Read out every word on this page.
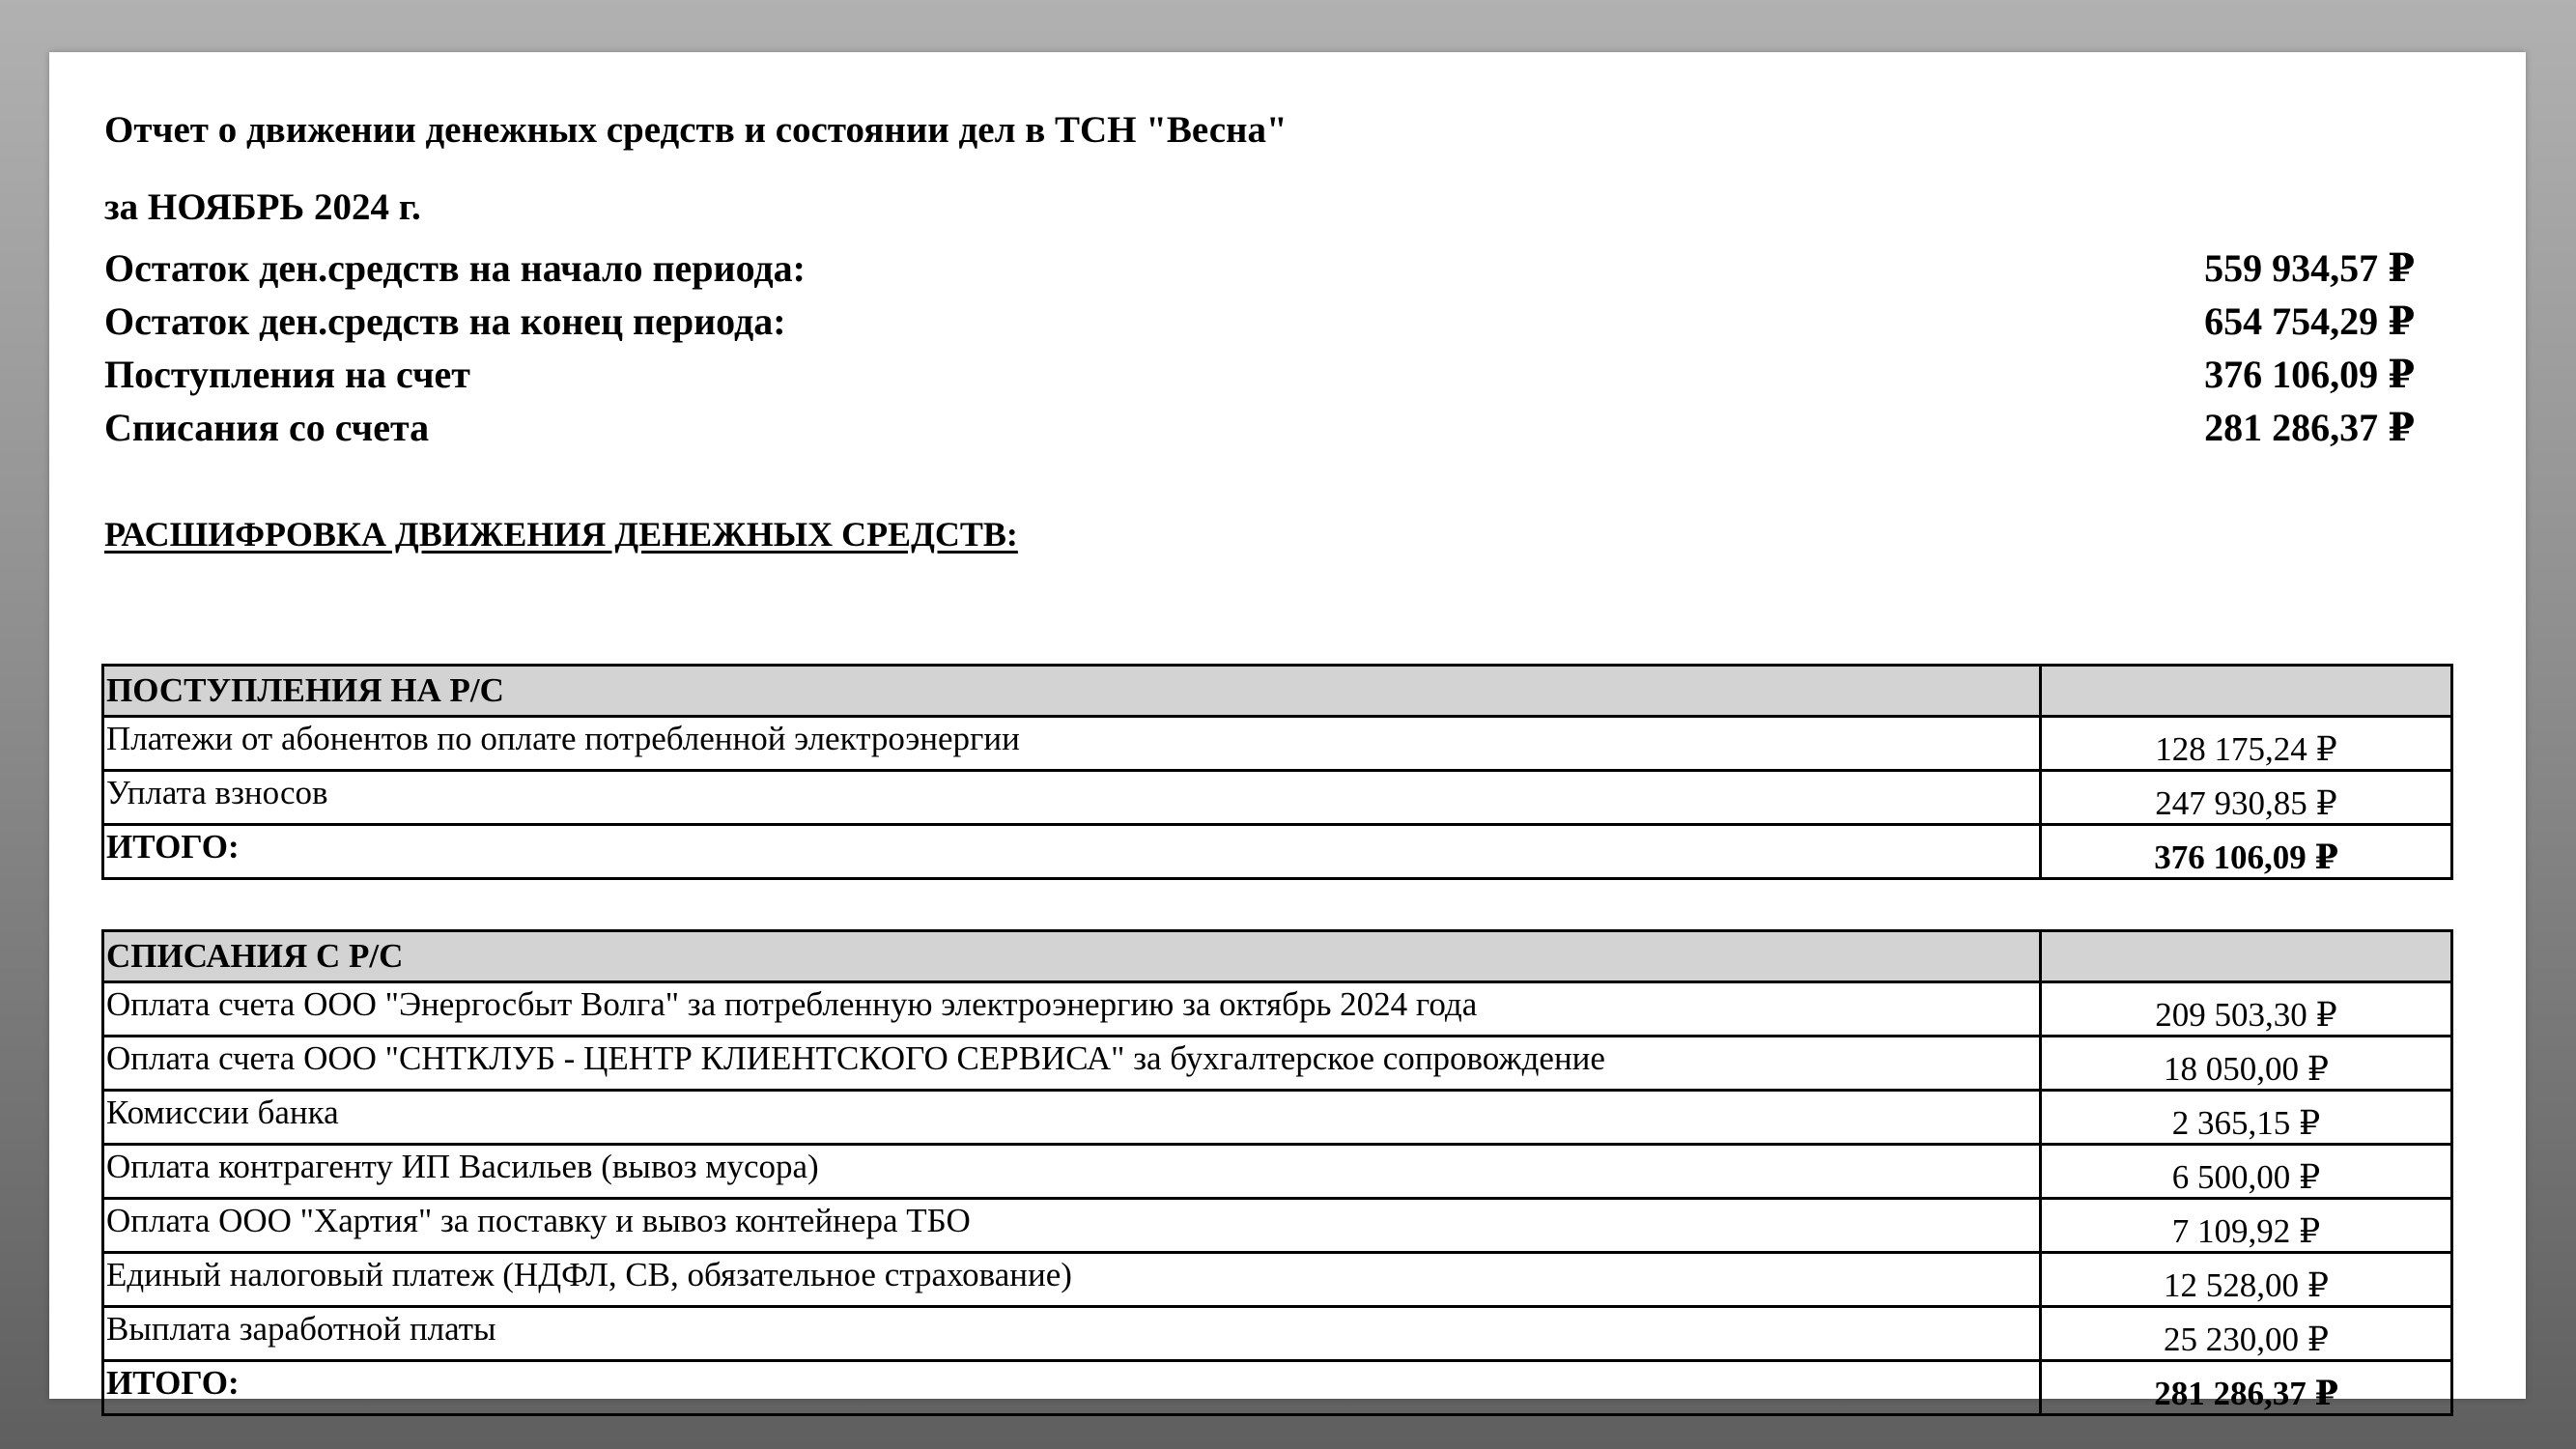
Отчет о движении денежных средств и состоянии дел в ТСН "Весна"
за НОЯБРЬ 2024 г.
Остаток ден.средств на начало периода:	559 934,57 ₽
Остаток ден.средств на конец периода:	654 754,29 ₽
Поступления на счет	376 106,09 ₽
Списания со счета	281 286,37 ₽
РАСШИФРОВКА ДВИЖЕНИЯ ДЕНЕЖНЫХ СРЕДСТВ:
ПОСТУПЛЕНИЯ НА Р/С	
Платежи от абонентов по оплате потребленной электроэнергии	128 175,24 ₽
Уплата взносов	247 930,85 ₽
ИТОГО:	376 106,09 ₽
СПИСАНИЯ С Р/С	
Оплата счета ООО "Энергосбыт Волга" за потребленную электроэнергию за октябрь 2024 года	209 503,30 ₽
Оплата счета ООО "СНТКЛУБ - ЦЕНТР КЛИЕНТСКОГО СЕРВИСА" за бухгалтерское сопровождение	18 050,00 ₽
Комиссии банка	2 365,15 ₽
Оплата контрагенту ИП Васильев (вывоз мусора)	6 500,00 ₽
Оплата ООО "Хартия" за поставку и вывоз контейнера ТБО	7 109,92 ₽
Единый налоговый платеж (НДФЛ, СВ, обязательное страхование)	12 528,00 ₽
Выплата заработной платы	25 230,00 ₽
ИТОГО:	281 286,37 ₽
